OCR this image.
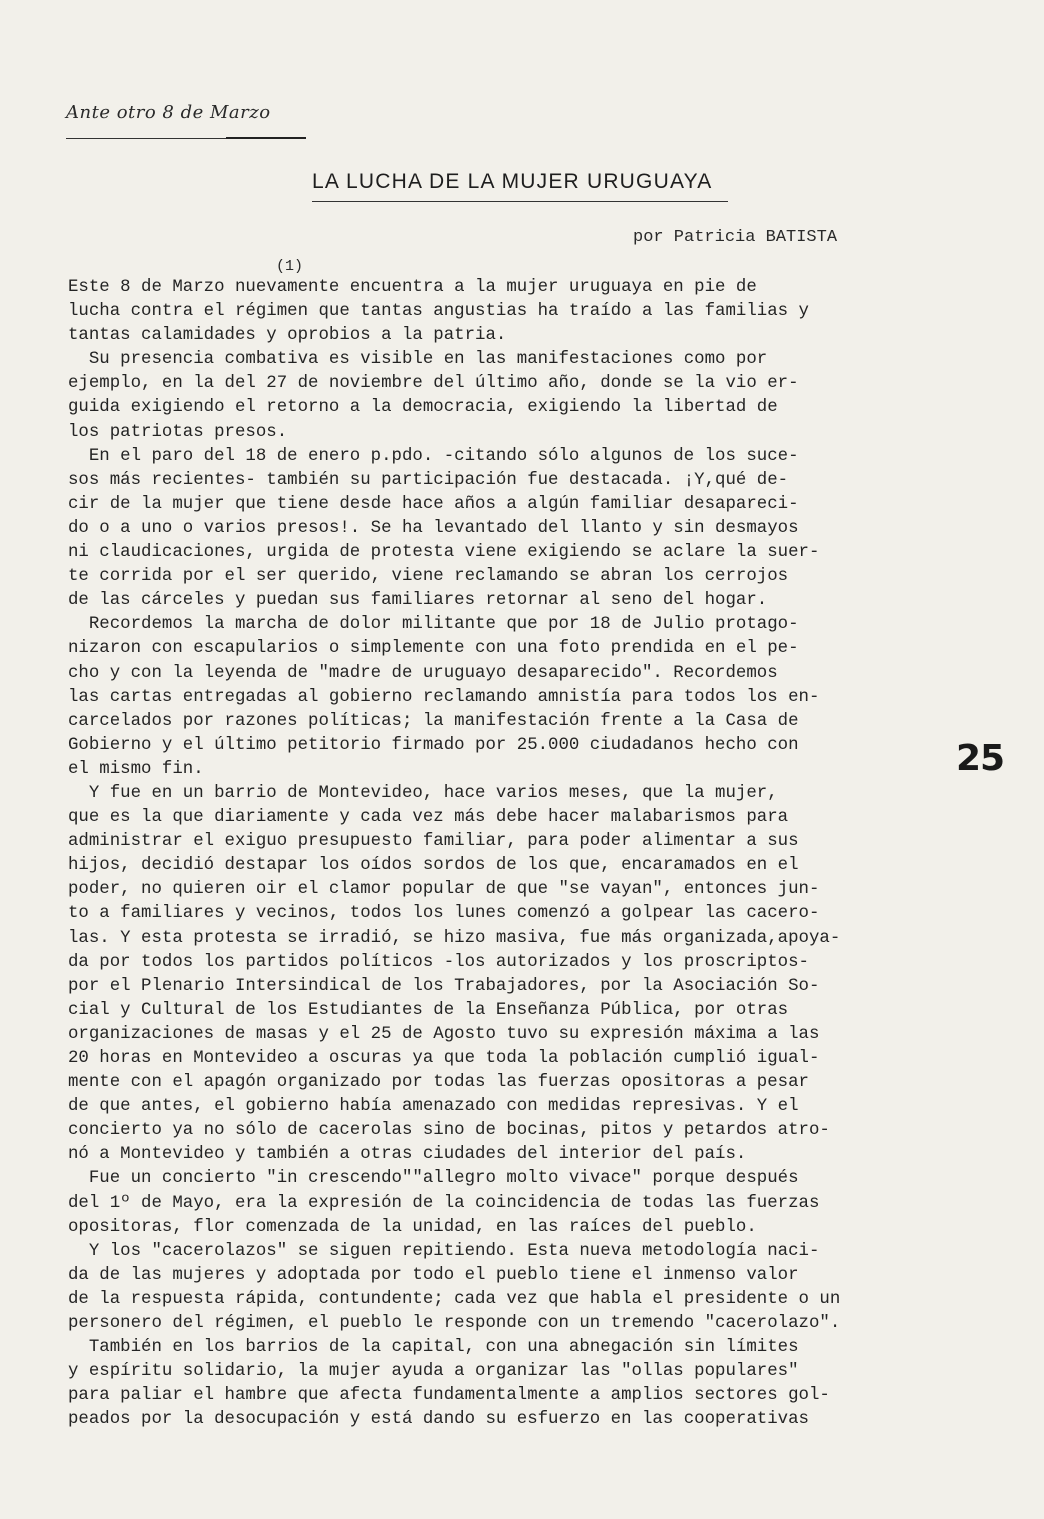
Ante otro 8 de Marzo
LA LUCHA DE LA MUJER URUGUAYA
por Patricia BATISTA
(1)
Este 8 de Marzo nuevamente encuentra a la mujer uruguaya en pie de
lucha contra el régimen que tantas angustias ha traído a las familias y
tantas calamidades y oprobios a la patria.
Su presencia combativa es visible en las manifestaciones como por
ejemplo, en la del 27 de noviembre del último año, donde se la vio er-
guida exigiendo el retorno a la democracia, exigiendo la libertad de
los patriotas presos.
En el paro del 18 de enero p.pdo. -citando sólo algunos de los suce-
sos más recientes- también su participación fue destacada. ¡Y,qué de-
cir de la mujer que tiene desde hace años a algún familiar desapareci-
do o a uno o varios presos!. Se ha levantado del llanto y sin desmayos
ni claudicaciones, urgida de protesta viene exigiendo se aclare la suer-
te corrida por el ser querido, viene reclamando se abran los cerrojos
de las cárceles y puedan sus familiares retornar al seno del hogar.
Recordemos la marcha de dolor militante que por 18 de Julio protago-
nizaron con escapularios o simplemente con una foto prendida en el pe-
cho y con la leyenda de "madre de uruguayo desaparecido". Recordemos
las cartas entregadas al gobierno reclamando amnistía para todos los en-
carcelados por razones políticas; la manifestación frente a la Casa de
Gobierno y el último petitorio firmado por 25.000 ciudadanos hecho con
el mismo fin.
Y fue en un barrio de Montevideo, hace varios meses, que la mujer,
que es la que diariamente y cada vez más debe hacer malabarismos para
administrar el exiguo presupuesto familiar, para poder alimentar a sus
hijos, decidió destapar los oídos sordos de los que, encaramados en el
poder, no quieren oir el clamor popular de que "se vayan", entonces jun-
to a familiares y vecinos, todos los lunes comenzó a golpear las cacero-
las. Y esta protesta se irradió, se hizo masiva, fue más organizada,apoya-
da por todos los partidos políticos -los autorizados y los proscriptos-
por el Plenario Intersindical de los Trabajadores, por la Asociación So-
cial y Cultural de los Estudiantes de la Enseñanza Pública, por otras
organizaciones de masas y el 25 de Agosto tuvo su expresión máxima a las
20 horas en Montevideo a oscuras ya que toda la población cumplió igual-
mente con el apagón organizado por todas las fuerzas opositoras a pesar
de que antes, el gobierno había amenazado con medidas represivas. Y el
concierto ya no sólo de cacerolas sino de bocinas, pitos y petardos atro-
nó a Montevideo y también a otras ciudades del interior del país.
Fue un concierto "in crescendo""allegro molto vivace" porque después
del 1º de Mayo, era la expresión de la coincidencia de todas las fuerzas
opositoras, flor comenzada de la unidad, en las raíces del pueblo.
Y los "cacerolazos" se siguen repitiendo. Esta nueva metodología naci-
da de las mujeres y adoptada por todo el pueblo tiene el inmenso valor
de la respuesta rápida, contundente; cada vez que habla el presidente o un
personero del régimen, el pueblo le responde con un tremendo "cacerolazo".
También en los barrios de la capital, con una abnegación sin límites
y espíritu solidario, la mujer ayuda a organizar las "ollas populares"
para paliar el hambre que afecta fundamentalmente a amplios sectores gol-
peados por la desocupación y está dando su esfuerzo en las cooperativas
25
